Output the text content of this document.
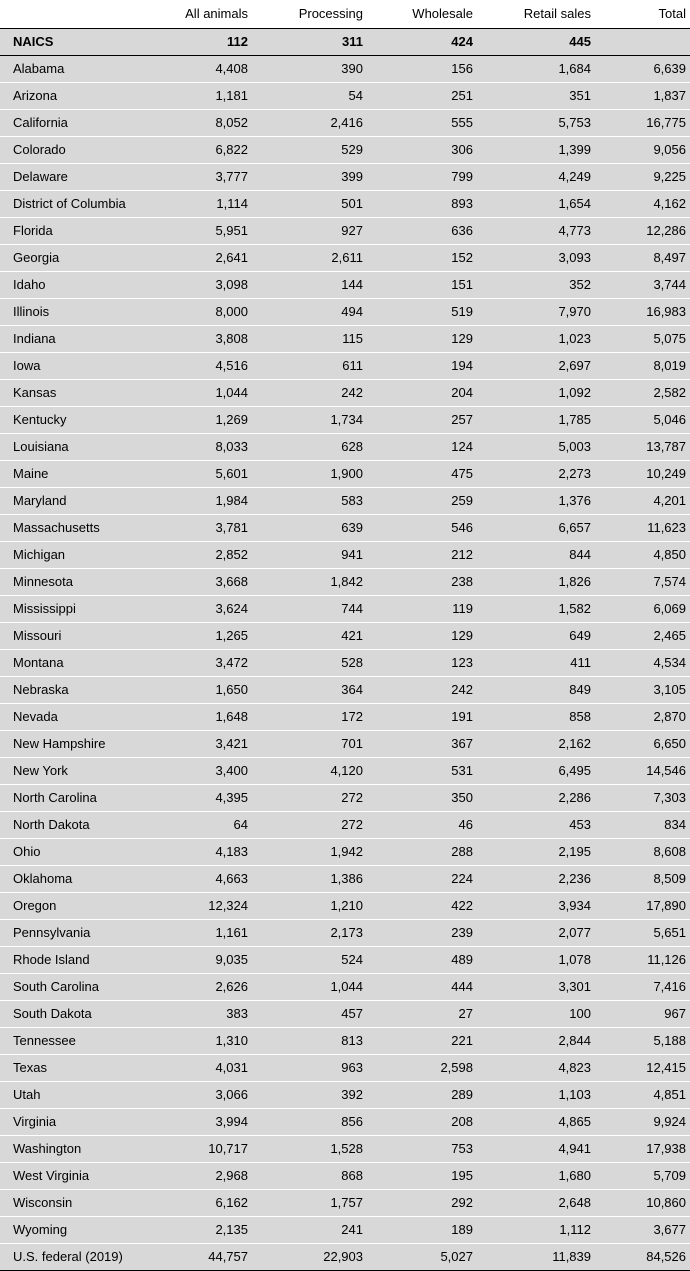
	All animals	Processing	Wholesale	Retail sales	Total
NAICS	112	311	424	445	
Alabama	4,408	390	156	1,684	6,639
Arizona	1,181	54	251	351	1,837
California	8,052	2,416	555	5,753	16,775
Colorado	6,822	529	306	1,399	9,056
Delaware	3,777	399	799	4,249	9,225
District of Columbia	1,114	501	893	1,654	4,162
Florida	5,951	927	636	4,773	12,286
Georgia	2,641	2,611	152	3,093	8,497
Idaho	3,098	144	151	352	3,744
Illinois	8,000	494	519	7,970	16,983
Indiana	3,808	115	129	1,023	5,075
Iowa	4,516	611	194	2,697	8,019
Kansas	1,044	242	204	1,092	2,582
Kentucky	1,269	1,734	257	1,785	5,046
Louisiana	8,033	628	124	5,003	13,787
Maine	5,601	1,900	475	2,273	10,249
Maryland	1,984	583	259	1,376	4,201
Massachusetts	3,781	639	546	6,657	11,623
Michigan	2,852	941	212	844	4,850
Minnesota	3,668	1,842	238	1,826	7,574
Mississippi	3,624	744	119	1,582	6,069
Missouri	1,265	421	129	649	2,465
Montana	3,472	528	123	411	4,534
Nebraska	1,650	364	242	849	3,105
Nevada	1,648	172	191	858	2,870
New Hampshire	3,421	701	367	2,162	6,650
New York	3,400	4,120	531	6,495	14,546
North Carolina	4,395	272	350	2,286	7,303
North Dakota	64	272	46	453	834
Ohio	4,183	1,942	288	2,195	8,608
Oklahoma	4,663	1,386	224	2,236	8,509
Oregon	12,324	1,210	422	3,934	17,890
Pennsylvania	1,161	2,173	239	2,077	5,651
Rhode Island	9,035	524	489	1,078	11,126
South Carolina	2,626	1,044	444	3,301	7,416
South Dakota	383	457	27	100	967
Tennessee	1,310	813	221	2,844	5,188
Texas	4,031	963	2,598	4,823	12,415
Utah	3,066	392	289	1,103	4,851
Virginia	3,994	856	208	4,865	9,924
Washington	10,717	1,528	753	4,941	17,938
West Virginia	2,968	868	195	1,680	5,709
Wisconsin	6,162	1,757	292	2,648	10,860
Wyoming	2,135	241	189	1,112	3,677
U.S. federal (2019)	44,757	22,903	5,027	11,839	84,526
